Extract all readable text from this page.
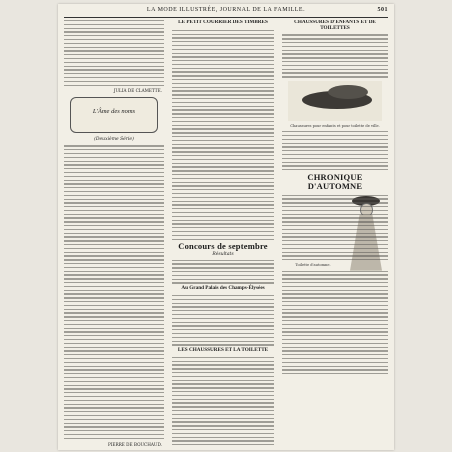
LA MODE ILLUSTRÉE, JOURNAL DE LA FAMILLE.	501
JULIA DE CLAMETTE.
L'Âme des noms
(Deuxième Série)
PIERRE DE BOUCHAUD.
LE PETIT COURRIER DES TIMBRES
Concours de septembre
Résultats
Au Grand Palais des Champs-Élysées
LES CHAUSSURES ET LA TOILETTE
CHAUSSURES D'ENFANTS ET DE TOILETTES
Chaussures pour enfants et pour toilette de ville.
CHRONIQUE D'AUTOMNE
Toilette d'automne.
